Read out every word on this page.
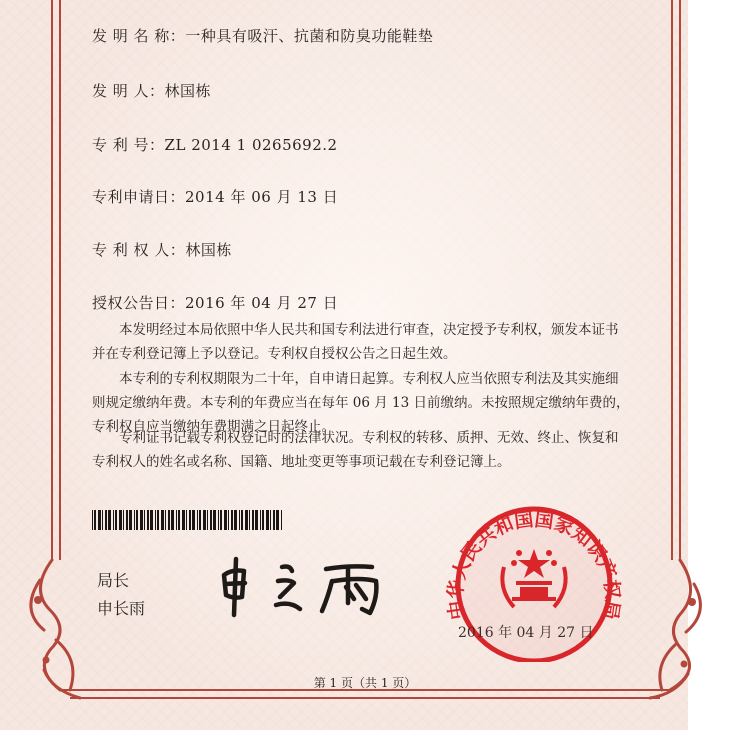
发 明 名 称：一种具有吸汗、抗菌和防臭功能鞋垫
发 明 人：林国栋
专 利 号：ZL 2014 1 0265692.2
专利申请日：2014 年 06 月 13 日
专 利 权 人：林国栋
授权公告日：2016 年 04 月 27 日
本发明经过本局依照中华人民共和国专利法进行审查，决定授予专利权，颁发本证书
并在专利登记簿上予以登记。专利权自授权公告之日起生效。
本专利的专利权期限为二十年，自申请日起算。专利权人应当依照专利法及其实施细
则规定缴纳年费。本专利的年费应当在每年 06 月 13 日前缴纳。未按照规定缴纳年费的，
专利权自应当缴纳年费期满之日起终止。
专利证书记载专利权登记时的法律状况。专利权的转移、质押、无效、终止、恢复和
专利权人的姓名或名称、国籍、地址变更等事项记载在专利登记簿上。
局长
申长雨	中华人民共和国国家知识产权局
2016 年 04 月 27 日
第 1 页（共 1 页）
